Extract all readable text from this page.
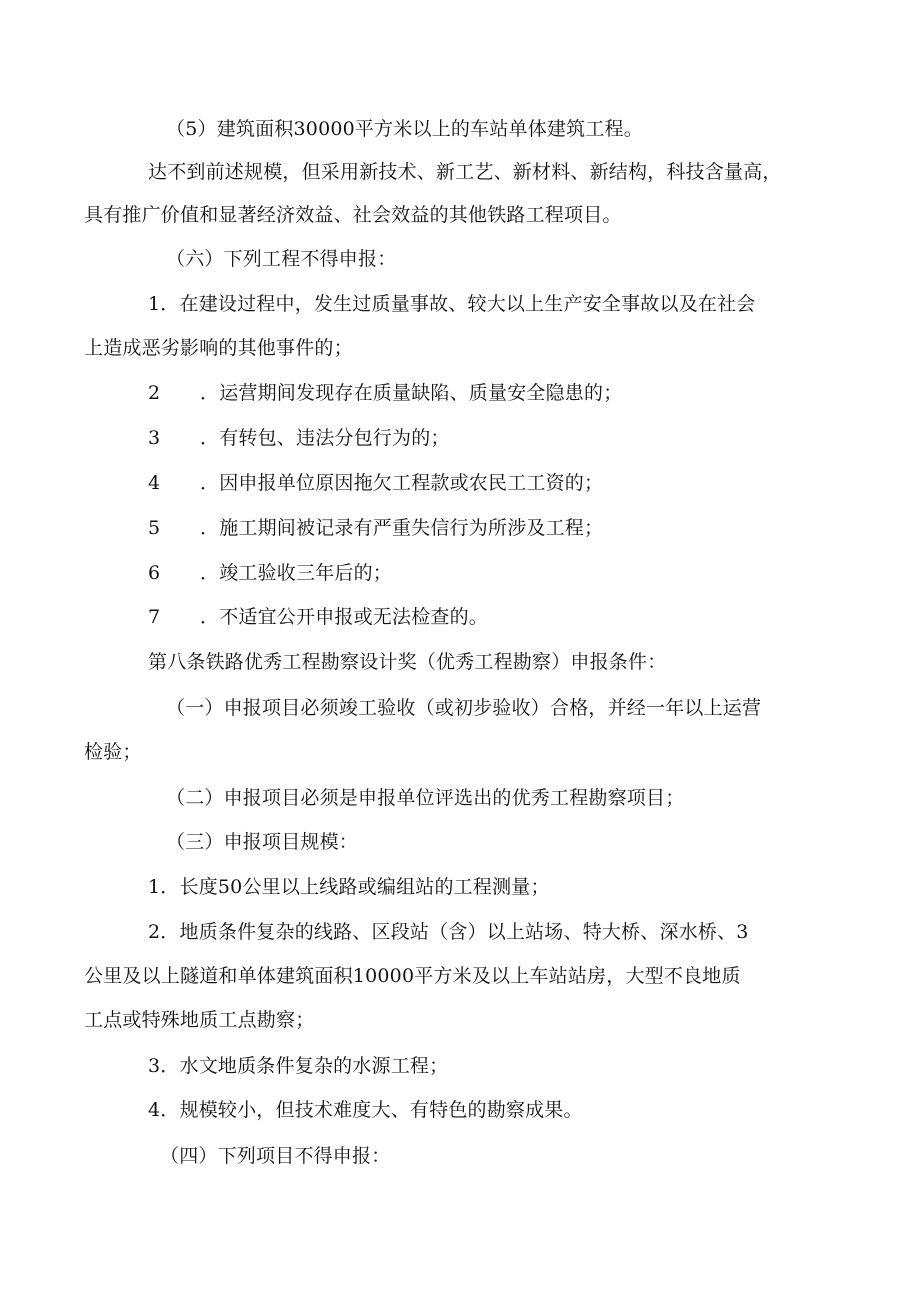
（5）建筑面积30000平方米以上的车站单体建筑工程。
达不到前述规模，但采用新技术、新工艺、新材料、新结构，科技含量高，
具有推广价值和显著经济效益、社会效益的其他铁路工程项目。
（六）下列工程不得申报：
1．在建设过程中，发生过质量事故、较大以上生产安全事故以及在社会
上造成恶劣影响的其他事件的；
2 ．运营期间发现存在质量缺陷、质量安全隐患的；
3 ．有转包、违法分包行为的；
4 ．因申报单位原因拖欠工程款或农民工工资的；
5 ．施工期间被记录有严重失信行为所涉及工程；
6 ．竣工验收三年后的；
7 ．不适宜公开申报或无法检查的。
第八条铁路优秀工程勘察设计奖（优秀工程勘察）申报条件：
（一）申报项目必须竣工验收（或初步验收）合格，并经一年以上运营
检验；
（二）申报项目必须是申报单位评选出的优秀工程勘察项目；
（三）申报项目规模：
1．长度50公里以上线路或编组站的工程测量；
2．地质条件复杂的线路、区段站（含）以上站场、特大桥、深水桥、3
公里及以上隧道和单体建筑面积10000平方米及以上车站站房，大型不良地质
工点或特殊地质工点勘察；
3．水文地质条件复杂的水源工程；
4．规模较小，但技术难度大、有特色的勘察成果。
（四）下列项目不得申报：
